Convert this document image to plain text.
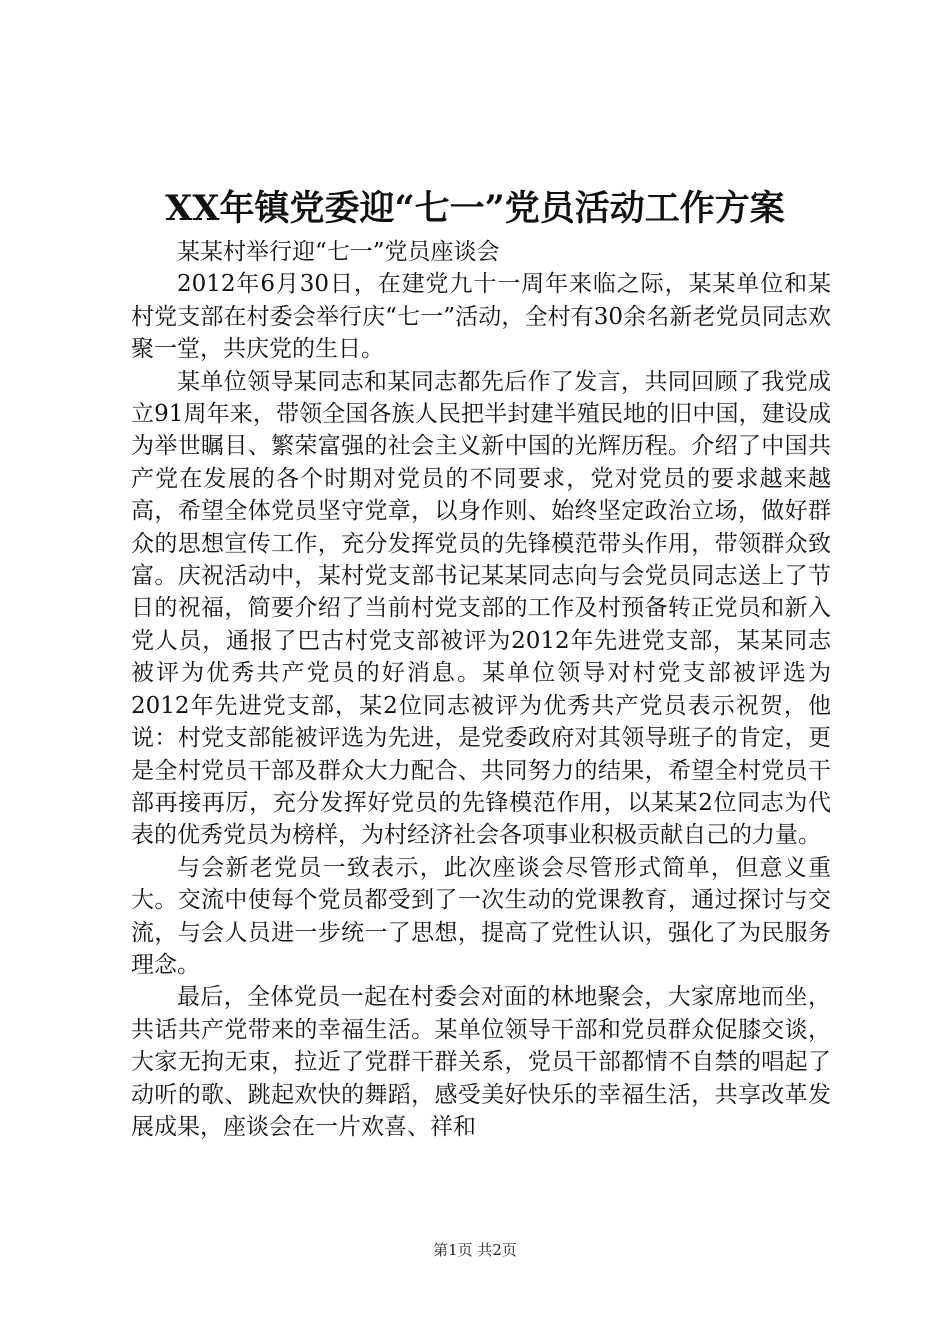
XX年镇党委迎“七一”党员活动工作方案

某某村举行迎“七一”党员座谈会

2012年6月30日，在建党九十一周年来临之际，某某单位和某村党支部在村委会举行庆“七一”活动，全村有30余名新老党员同志欢聚一堂，共庆党的生日。

某单位领导某同志和某同志都先后作了发言，共同回顾了我党成立91周年来，带领全国各族人民把半封建半殖民地的旧中国，建设成为举世瞩目、繁荣富强的社会主义新中国的光辉历程。介绍了中国共产党在发展的各个时期对党员的不同要求，党对党员的要求越来越高，希望全体党员坚守党章，以身作则、始终坚定政治立场，做好群众的思想宣传工作，充分发挥党员的先锋模范带头作用，带领群众致富。庆祝活动中，某村党支部书记某某同志向与会党员同志送上了节日的祝福，简要介绍了当前村党支部的工作及村预备转正党员和新入党人员，通报了巴古村党支部被评为2012年先进党支部，某某同志被评为优秀共产党员的好消息。某单位领导对村党支部被评选为2012年先进党支部，某2位同志被评为优秀共产党员表示祝贺，他说：村党支部能被评选为先进，是党委政府对其领导班子的肯定，更是全村党员干部及群众大力配合、共同努力的结果，希望全村党员干部再接再厉，充分发挥好党员的先锋模范作用，以某某2位同志为代表的优秀党员为榜样，为村经济社会各项事业积极贡献自己的力量。

与会新老党员一致表示，此次座谈会尽管形式简单，但意义重大。交流中使每个党员都受到了一次生动的党课教育，通过探讨与交流，与会人员进一步统一了思想，提高了党性认识，强化了为民服务理念。

最后，全体党员一起在村委会对面的林地聚会，大家席地而坐，共话共产党带来的幸福生活。某单位领导干部和党员群众促膝交谈，大家无拘无束，拉近了党群干群关系，党员干部都情不自禁的唱起了动听的歌、跳起欢快的舞蹈，感受美好快乐的幸福生活，共享改革发展成果，座谈会在一片欢喜、祥和

第1页 共2页
